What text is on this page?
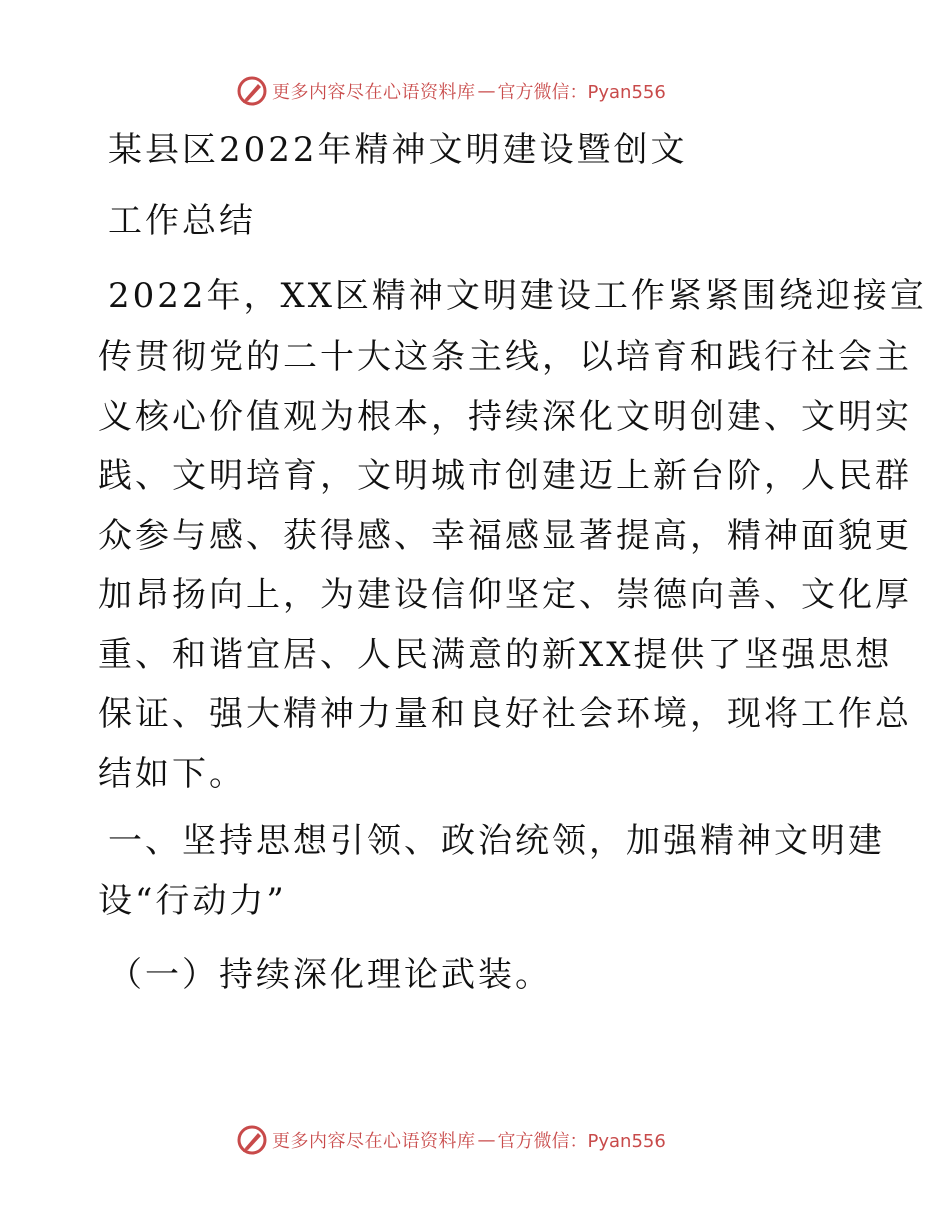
更多内容尽在心语资料库 — 官方微信：Pyan556
某县区2022年精神文明建设暨创文
工作总结
2022年，XX区精神文明建设工作紧紧围绕迎接宣
传贯彻党的二十大这条主线，以培育和践行社会主
义核心价值观为根本，持续深化文明创建、文明实
践、文明培育，文明城市创建迈上新台阶，人民群
众参与感、获得感、幸福感显著提高，精神面貌更
加昂扬向上，为建设信仰坚定、崇德向善、文化厚
重、和谐宜居、人民满意的新XX提供了坚强思想
保证、强大精神力量和良好社会环境，现将工作总
结如下。
一、坚持思想引领、政治统领，加强精神文明建
设“行动力”
（一）持续深化理论武装。
更多内容尽在心语资料库 — 官方微信：Pyan556
